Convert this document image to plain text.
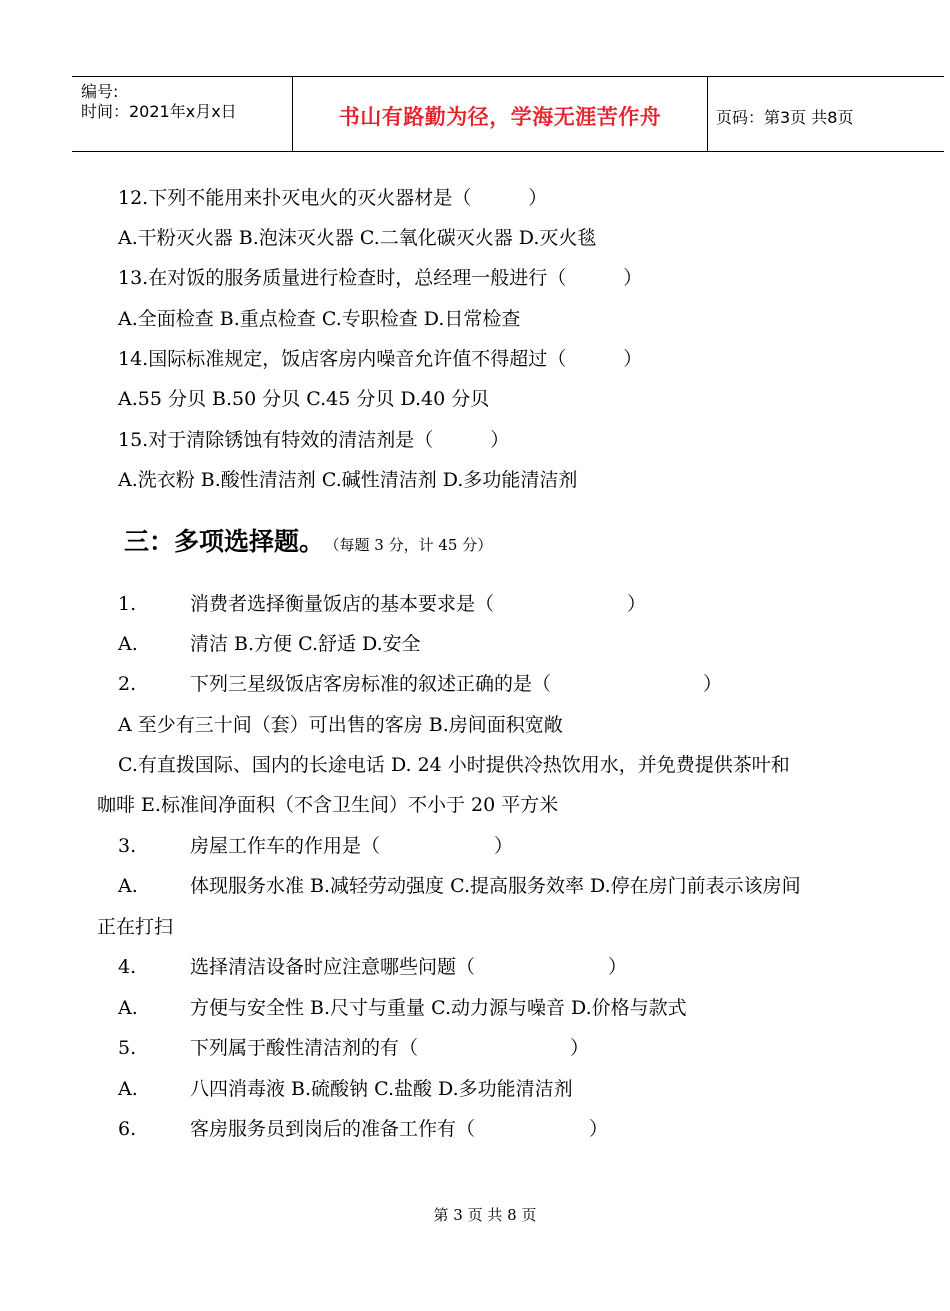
编号:
时间：2021年x月x日	书山有路勤为径，学海无涯苦作舟	页码：第3页 共8页
12.下列不能用来扑灭电火的灭火器材是（　　　）
A.干粉灭火器 B.泡沫灭火器 C.二氧化碳灭火器 D.灭火毯
13.在对饭的服务质量进行检查时，总经理一般进行（　　　）
A.全面检查 B.重点检查 C.专职检查 D.日常检查
14.国际标准规定，饭店客房内噪音允许值不得超过（　　　）
A.55 分贝 B.50 分贝 C.45 分贝 D.40 分贝
15.对于清除锈蚀有特效的清洁剂是（　　　）
A.洗衣粉 B.酸性清洁剂 C.碱性清洁剂 D.多功能清洁剂
三：多项选择题。 （每题 3 分，计 45 分）
1.	消费者选择衡量饭店的基本要求是（　　　　　　　）
A.	清洁 B.方便 C.舒适 D.安全
2.	下列三星级饭店客房标准的叙述正确的是（　　　　　　　　）
A 至少有三十间（套）可出售的客房 B.房间面积宽敞
C.有直拨国际、国内的长途电话 D. 24 小时提供冷热饮用水，并免费提供茶叶和
咖啡 E.标准间净面积（不含卫生间）不小于 20 平方米
3.	房屋工作车的作用是（　　　　　　）
A.	体现服务水准 B.减轻劳动强度 C.提高服务效率 D.停在房门前表示该房间
正在打扫
4.	选择清洁设备时应注意哪些问题（　　　　　　　）
A.	方便与安全性 B.尺寸与重量 C.动力源与噪音 D.价格与款式
5.	下列属于酸性清洁剂的有（　　　　　　　　）
A.	八四消毒液 B.硫酸钠 C.盐酸 D.多功能清洁剂
6.	客房服务员到岗后的准备工作有（　　　　　　）
第 3 页 共 8 页
